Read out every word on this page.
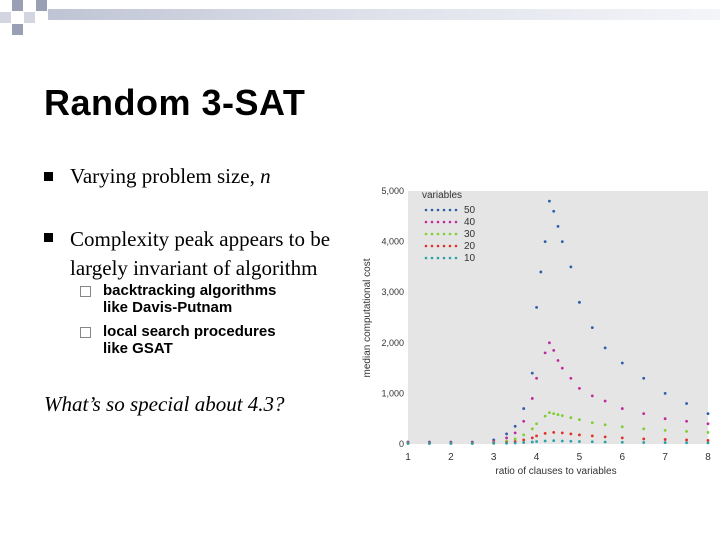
Random 3-SAT
Varying problem size, n
Complexity peak appears to be
largely invariant of algorithm
backtracking algorithms
like Davis-Putnam
local search procedures
like GSAT
What’s so special about 4.3?
0
1,000
2,000
3,000
4,000
5,000
1	2	3	4	5	6	7	8
median computational cost
ratio of clauses to variables
variables
50
40
30
20
10
